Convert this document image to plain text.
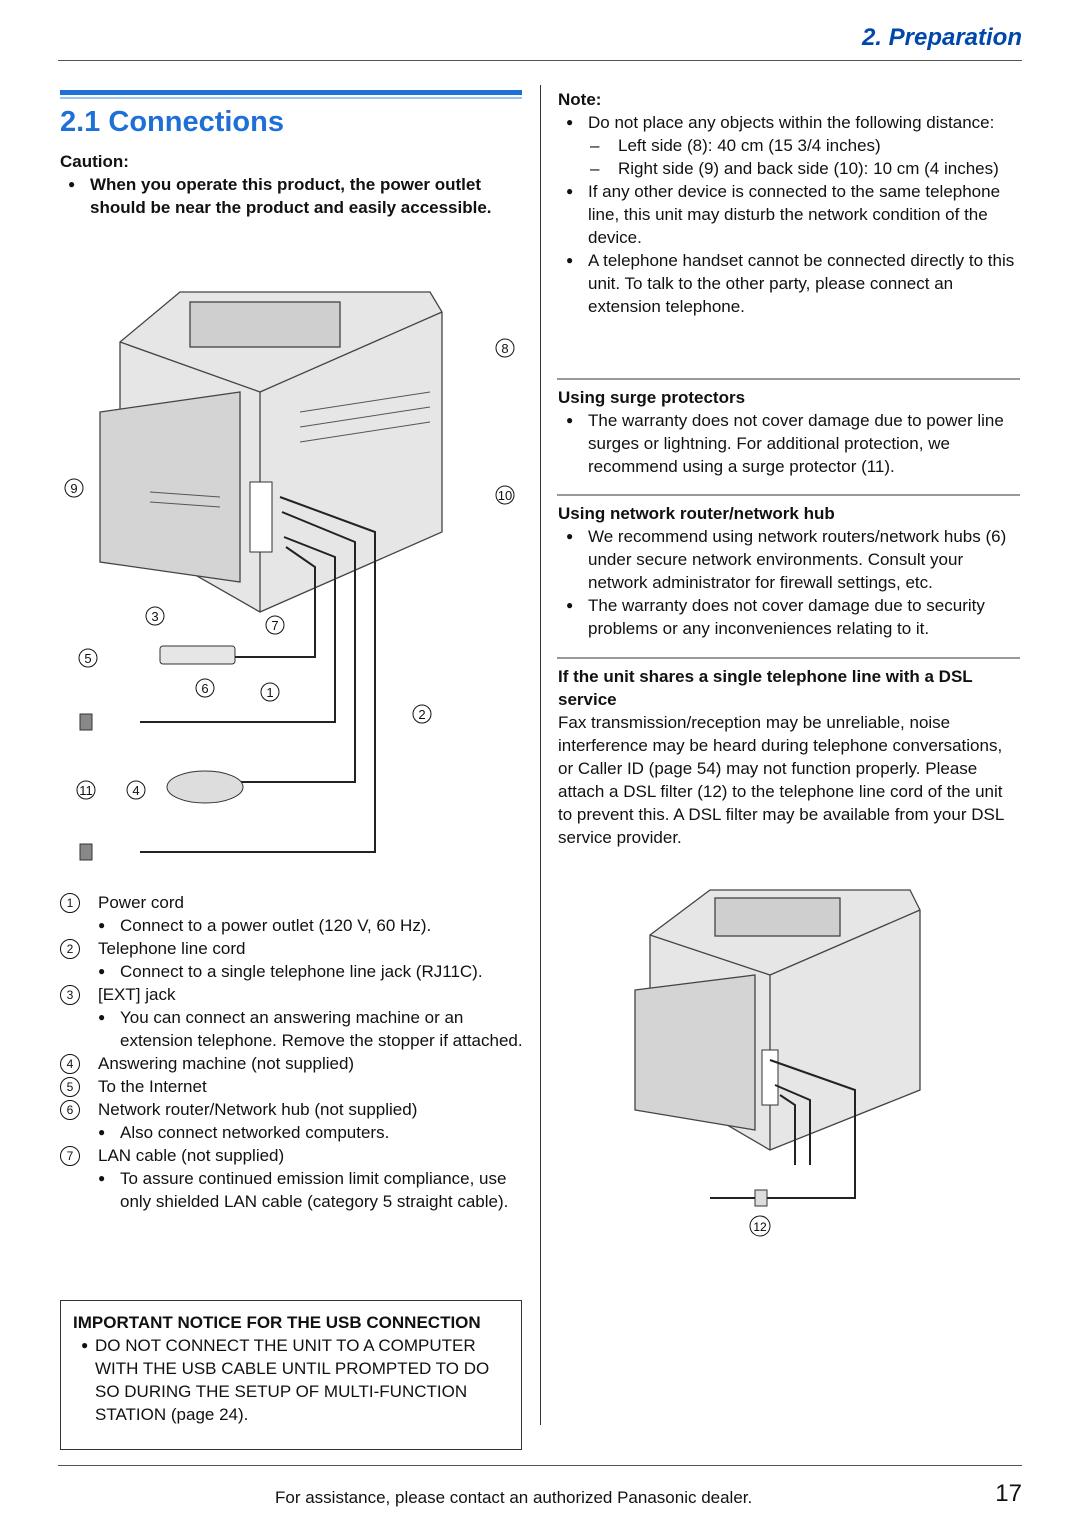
2. Preparation
2.1 Connections
Caution:
● When you operate this product, the power outlet should be near the product and easily accessible.
8
9	10
3
7
5
6	1
2
11	4
1	Power cord
● Connect to a power outlet (120 V, 60 Hz).
2	Telephone line cord
● Connect to a single telephone line jack (RJ11C).
3	[EXT] jack
● You can connect an answering machine or an extension telephone. Remove the stopper if attached.
4	Answering machine (not supplied)
5	To the Internet
6	Network router/Network hub (not supplied)
● Also connect networked computers.
7	LAN cable (not supplied)
● To assure continued emission limit compliance, use only shielded LAN cable (category 5 straight cable).
IMPORTANT NOTICE FOR THE USB CONNECTION
● DO NOT CONNECT THE UNIT TO A COMPUTER WITH THE USB CABLE UNTIL PROMPTED TO DO SO DURING THE SETUP OF MULTI-FUNCTION STATION (page 24).
Note:
● Do not place any objects within the following distance:
– Left side (8): 40 cm (15 3/4 inches)
– Right side (9) and back side (10): 10 cm (4 inches)
● If any other device is connected to the same telephone line, this unit may disturb the network condition of the device.
● A telephone handset cannot be connected directly to this unit. To talk to the other party, please connect an extension telephone.
Using surge protectors
● The warranty does not cover damage due to power line surges or lightning. For additional protection, we recommend using a surge protector (11).
Using network router/network hub
● We recommend using network routers/network hubs (6) under secure network environments. Consult your network administrator for firewall settings, etc.
● The warranty does not cover damage due to security problems or any inconveniences relating to it.
If the unit shares a single telephone line with a DSL service
Fax transmission/reception may be unreliable, noise interference may be heard during telephone conversations, or Caller ID (page 54) may not function properly. Please attach a DSL filter (12) to the telephone line cord of the unit to prevent this. A DSL filter may be available from your DSL service provider.
12
For assistance, please contact an authorized Panasonic dealer.	17
